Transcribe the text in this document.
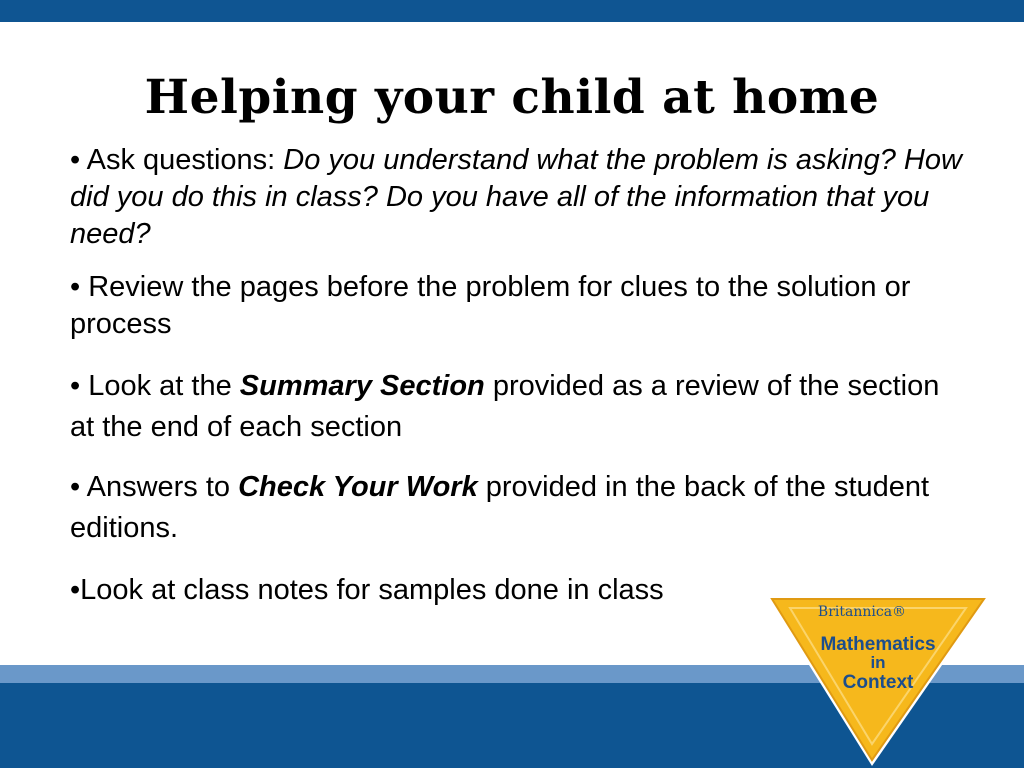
Helping your child at home

• Ask questions: Do you understand what the problem is asking? How did you do this in class? Do you have all of the information that you need?

• Review the pages before the problem for clues to the solution or process

• Look at the Summary Section provided as a review of the section at the end of each section

• Answers to Check Your Work provided in the back of the student editions.

•Look at class notes for samples done in class

Britannica®
Mathematics
in
Context
